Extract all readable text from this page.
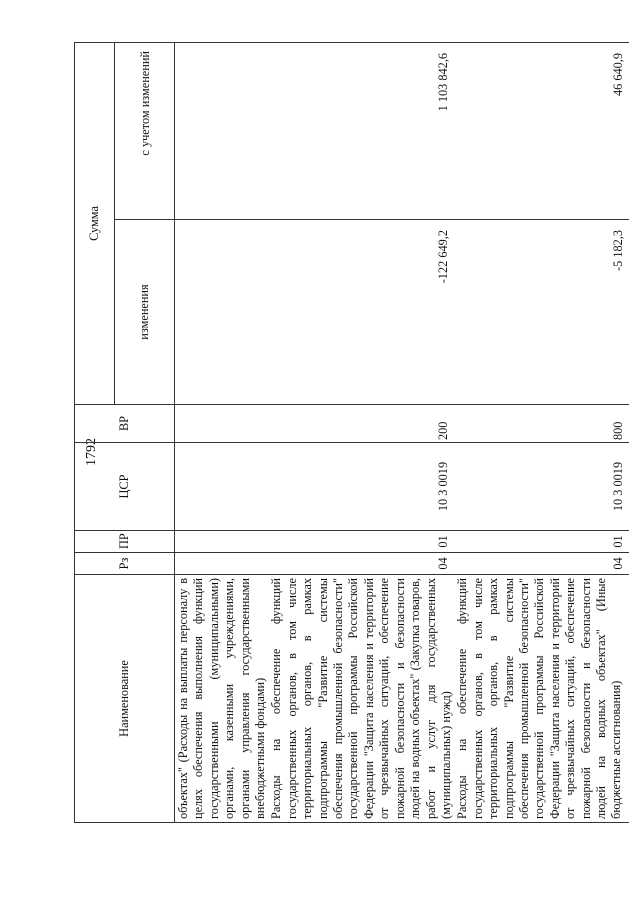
1792
Наименование	Рз	ПР	ЦСР	ВР	Сумма	
					изменения	с учетом изменений
объектах" (Расходы на выплаты персоналу в целях обеспечения выполнения функций государственными (муниципальными) органами, казенными учреждениями, органами управления государственными внебюджетными фондами)						
Расходы на обеспечение функций государственных органов, в том числе территориальных органов, в рамках подпрограммы "Развитие системы обеспечения промышленной безопасности" государственной программы Российской Федерации "Защита населения и территорий от чрезвычайных ситуаций, обеспечение пожарной безопасности и безопасности людей на водных объектах" (Закупка товаров, работ и услуг для государственных (муниципальных) нужд)	04	01	10 3 0019	200	-122 649,2	1 103 842,6
Расходы на обеспечение функций государственных органов, в том числе территориальных органов, в рамках подпрограммы "Развитие системы обеспечения промышленной безопасности" государственной программы Российской Федерации "Защита населения и территорий от чрезвычайных ситуаций, обеспечение пожарной безопасности и безопасности людей на водных объектах" (Иные бюджетные ассигнования)	04	01	10 3 0019	800	-5 182,3	46 640,9
